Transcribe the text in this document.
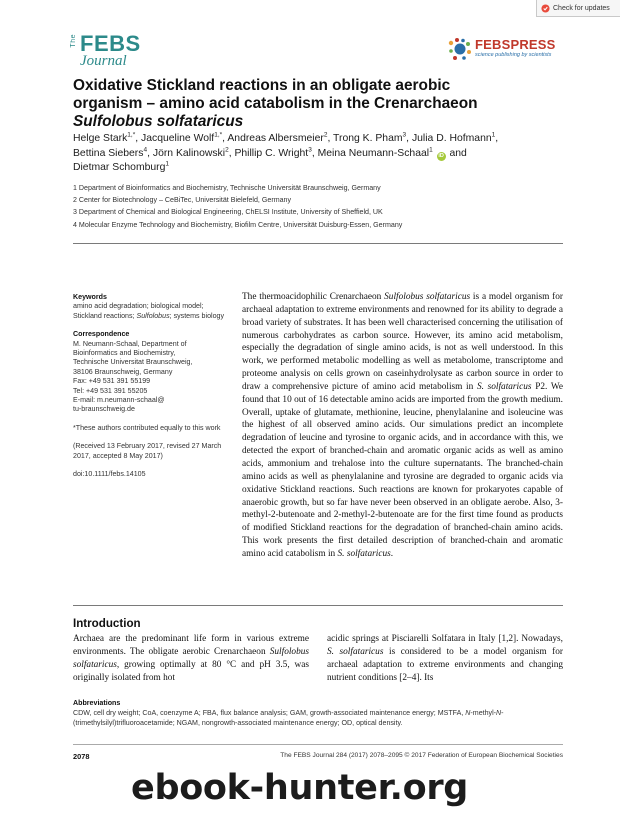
Check for updates
The FEBS
Journal
FEBSPRESS
science publishing by scientists
Oxidative Stickland reactions in an obligate aerobic
organism – amino acid catabolism in the Crenarchaeon
Sulfolobus solfataricus
Helge Stark$^{1,*}$, Jacqueline Wolf$^{1,*}$, Andreas Albersmeier$^2$, Trong K. Pham$^3$, Julia D. Hofmann$^1$,
Bettina Siebers$^4$, Jörn Kalinowski$^2$, Phillip C. Wright$^3$, Meina Neumann-Schaal$^1$ iD and
Dietmar Schomburg$^1$
1 Department of Bioinformatics and Biochemistry, Technische Universität Braunschweig, Germany
2 Center for Biotechnology – CeBiTec, Universität Bielefeld, Germany
3 Department of Chemical and Biological Engineering, ChELSI Institute, University of Sheffield, UK
4 Molecular Enzyme Technology and Biochemistry, Biofilm Centre, Universität Duisburg-Essen, Germany
Keywords
amino acid degradation; biological model; Stickland reactions; Sulfolobus; systems biology
Correspondence
M. Neumann-Schaal, Department of
Bioinformatics and Biochemistry,
Technische Universitat Braunschweig,
38106 Braunschweig, Germany
Fax: +49 531 391 55199
Tel: +49 531 391 55205
E-mail: m.neumann-schaal@
tu-braunschweig.de
*These authors contributed equally to this work
(Received 13 February 2017, revised 27 March 2017, accepted 8 May 2017)
doi:10.1111/febs.14105
The thermoacidophilic Crenarchaeon Sulfolobus solfataricus is a model organism for archaeal adaptation to extreme environments and renowned for its ability to degrade a broad variety of substrates. It has been well characterised concerning the utilisation of numerous carbohydrates as carbon source. However, its amino acid metabolism, especially the degradation of single amino acids, is not as well understood. In this work, we performed metabolic modelling as well as metabolome, transcriptome and proteome analysis on cells grown on caseinhydrolysate as carbon source in order to draw a comprehensive picture of amino acid metabolism in S. solfataricus P2. We found that 10 out of 16 detectable amino acids are imported from the growth medium. Overall, uptake of glutamate, methionine, leucine, phenylalanine and isoleucine was the highest of all observed amino acids. Our simulations predict an incomplete degradation of leucine and tyrosine to organic acids, and in accordance with this, we detected the export of branched-chain and aromatic organic acids as well as amino acids, ammonium and trehalose into the culture supernatants. The branched-chain amino acids as well as phenylalanine and tyrosine are degraded to organic acids via oxidative Stickland reactions. Such reactions are known for prokaryotes capable of anaerobic growth, but so far have never been observed in an obligate aerobe. Also, 3-methyl-2-butenoate and 2-methyl-2-butenoate are for the first time found as products of modified Stickland reactions for the degradation of branched-chain amino acids. This work presents the first detailed description of branched-chain and aromatic amino acid catabolism in S. solfataricus.
Introduction
Archaea are the predominant life form in various extreme environments. The obligate aerobic Crenarchaeon Sulfolobus solfataricus, growing optimally at 80 °C and pH 3.5, was originally isolated from hot
acidic springs at Pisciarelli Solfatara in Italy [1,2]. Nowadays, S. solfataricus is considered to be a model organism for archaeal adaptation to extreme environments and changing nutrient conditions [2–4]. Its
Abbreviations
CDW, cell dry weight; CoA, coenzyme A; FBA, flux balance analysis; GAM, growth-associated maintenance energy; MSTFA, N-methyl-N-(trimethylsilyl)trifluoroacetamide; NGAM, nongrowth-associated maintenance energy; OD, optical density.
2078	The FEBS Journal 284 (2017) 2078–2095 © 2017 Federation of European Biochemical Societies
ebook-hunter.org
